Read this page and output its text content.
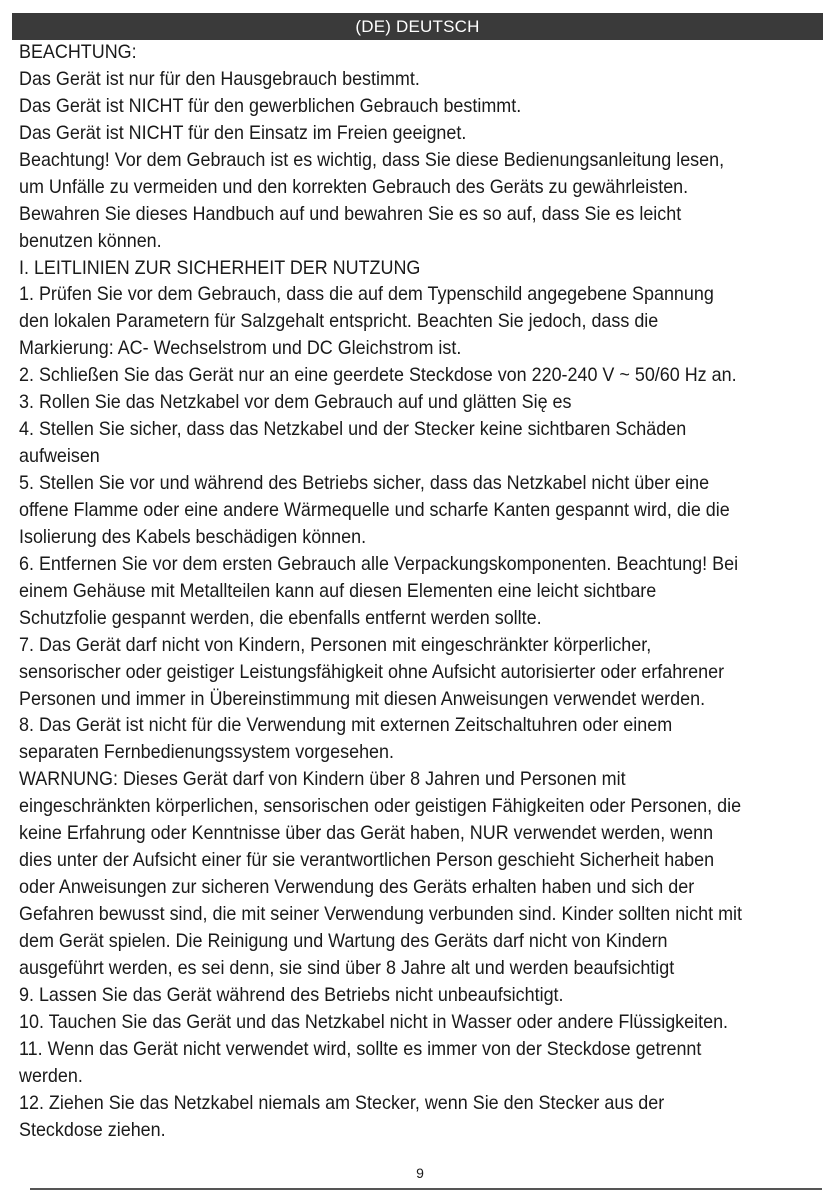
(DE) DEUTSCH
BEACHTUNG:
Das Gerät ist nur für den Hausgebrauch bestimmt.
Das Gerät ist NICHT für den gewerblichen Gebrauch bestimmt.
Das Gerät ist NICHT für den Einsatz im Freien geeignet.
Beachtung! Vor dem Gebrauch ist es wichtig, dass Sie diese Bedienungsanleitung lesen,
um Unfälle zu vermeiden und den korrekten Gebrauch des Geräts zu gewährleisten.
Bewahren Sie dieses Handbuch auf und bewahren Sie es so auf, dass Sie es leicht
benutzen können.
I. LEITLINIEN ZUR SICHERHEIT DER NUTZUNG
1. Prüfen Sie vor dem Gebrauch, dass die auf dem Typenschild angegebene Spannung
den lokalen Parametern für Salzgehalt entspricht. Beachten Sie jedoch, dass die
Markierung: AC- Wechselstrom und DC Gleichstrom ist.
2. Schließen Sie das Gerät nur an eine geerdete Steckdose von 220-240 V ~ 50/60 Hz an.
3. Rollen Sie das Netzkabel vor dem Gebrauch auf und glätten Się es
4. Stellen Sie sicher, dass das Netzkabel und der Stecker keine sichtbaren Schäden
aufweisen
5. Stellen Sie vor und während des Betriebs sicher, dass das Netzkabel nicht über eine
offene Flamme oder eine andere Wärmequelle und scharfe Kanten gespannt wird, die die
Isolierung des Kabels beschädigen können.
6. Entfernen Sie vor dem ersten Gebrauch alle Verpackungskomponenten. Beachtung! Bei
einem Gehäuse mit Metallteilen kann auf diesen Elementen eine leicht sichtbare
Schutzfolie gespannt werden, die ebenfalls entfernt werden sollte.
7. Das Gerät darf nicht von Kindern, Personen mit eingeschränkter körperlicher,
sensorischer oder geistiger Leistungsfähigkeit ohne Aufsicht autorisierter oder erfahrener
Personen und immer in Übereinstimmung mit diesen Anweisungen verwendet werden.
8. Das Gerät ist nicht für die Verwendung mit externen Zeitschaltuhren oder einem
separaten Fernbedienungssystem vorgesehen.
WARNUNG: Dieses Gerät darf von Kindern über 8 Jahren und Personen mit
eingeschränkten körperlichen, sensorischen oder geistigen Fähigkeiten oder Personen, die
keine Erfahrung oder Kenntnisse über das Gerät haben, NUR verwendet werden, wenn
dies unter der Aufsicht einer für sie verantwortlichen Person geschieht Sicherheit haben
oder Anweisungen zur sicheren Verwendung des Geräts erhalten haben und sich der
Gefahren bewusst sind, die mit seiner Verwendung verbunden sind. Kinder sollten nicht mit
dem Gerät spielen. Die Reinigung und Wartung des Geräts darf nicht von Kindern
ausgeführt werden, es sei denn, sie sind über 8 Jahre alt und werden beaufsichtigt
9. Lassen Sie das Gerät während des Betriebs nicht unbeaufsichtigt.
10. Tauchen Sie das Gerät und das Netzkabel nicht in Wasser oder andere Flüssigkeiten.
11. Wenn das Gerät nicht verwendet wird, sollte es immer von der Steckdose getrennt
werden.
12. Ziehen Sie das Netzkabel niemals am Stecker, wenn Sie den Stecker aus der
Steckdose ziehen.
9
